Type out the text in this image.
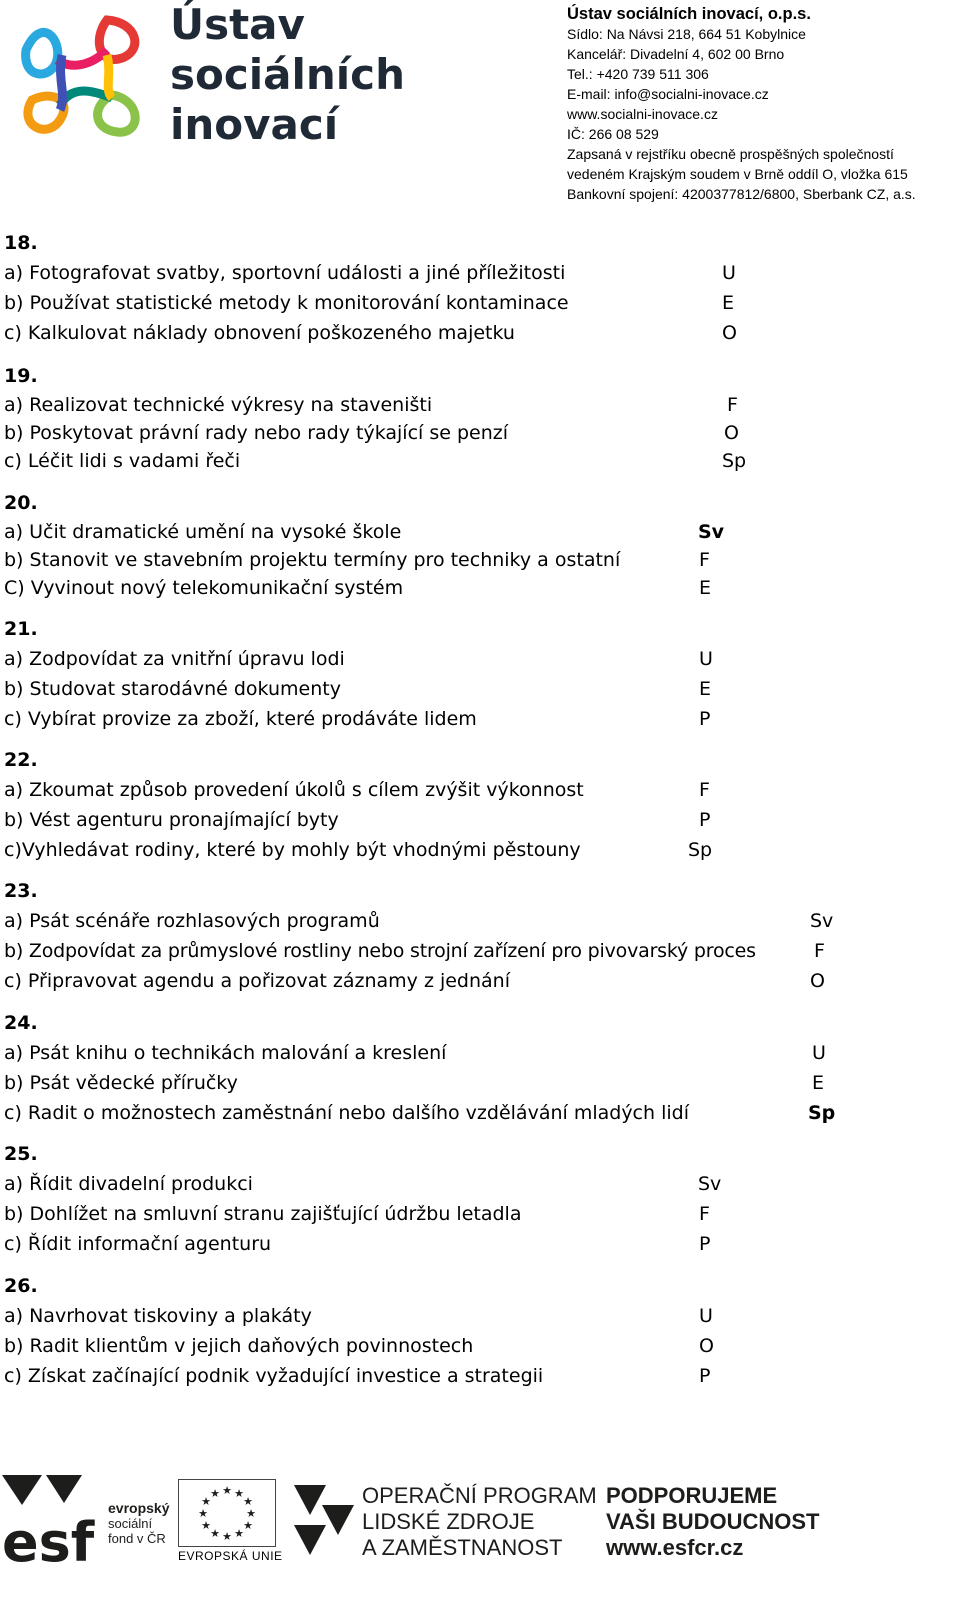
Ústav
sociálních
inovací
Ústav sociálních inovací, o.p.s.
Sídlo: Na Návsi 218, 664 51 Kobylnice
Kancelář: Divadelní 4, 602 00 Brno
Tel.: +420 739 511 306
E-mail: info@socialni-inovace.cz
www.socialni-inovace.cz
IČ: 266 08 529
Zapsaná v rejstříku obecně prospěšných společností
vedeném Krajským soudem v Brně oddíl O, vložka 615
Bankovní spojení: 4200377812/6800, Sberbank CZ, a.s.
18.
a) Fotografovat svatby, sportovní události a jiné příležitosti	U
b) Používat statistické metody k monitorování kontaminace	E
c) Kalkulovat náklady obnovení poškozeného majetku	O
19.
a) Realizovat technické výkresy na staveništi	F
b) Poskytovat právní rady nebo rady týkající se penzí	O
c) Léčit lidi s vadami řeči	Sp
20.
a) Učit dramatické umění na vysoké škole	Sv
b) Stanovit ve stavebním projektu termíny pro techniky a ostatní	F
C) Vyvinout nový telekomunikační systém	E
21.
a) Zodpovídat za vnitřní úpravu lodi	U
b) Studovat starodávné dokumenty	E
c) Vybírat provize za zboží, které prodáváte lidem	P
22.
a) Zkoumat způsob provedení úkolů s cílem zvýšit výkonnost	F
b) Vést agenturu pronajímající byty	P
c)Vyhledávat rodiny, které by mohly být vhodnými pěstouny	Sp
23.
a) Psát scénáře rozhlasových programů	Sv
b) Zodpovídat za průmyslové rostliny nebo strojní zařízení pro pivovarský proces	F
c) Připravovat agendu a pořizovat záznamy z jednání	O
24.
a) Psát knihu o technikách malování a kreslení	U
b) Psát vědecké příručky	E
c) Radit o možnostech zaměstnání nebo dalšího vzdělávání mladých lidí	Sp
25.
a) Řídit divadelní produkci	Sv
b) Dohlížet na smluvní stranu zajišťující údržbu letadla	F
c) Řídit informační agenturu	P
26.
a) Navrhovat tiskoviny a plakáty	U
b) Radit klientům v jejich daňových povinnostech	O
c) Získat začínající podnik vyžadující investice a strategii	P
esf
evropský
sociální
fond v ČR
★ ★
★
★
★
★
★
★
★
★
★
★
EVROPSKÁ UNIE
OPERAČNÍ PROGRAM
LIDSKÉ ZDROJE
A ZAMĚSTNANOST
PODPORUJEME
VAŠI BUDOUCNOST
www.esfcr.cz
